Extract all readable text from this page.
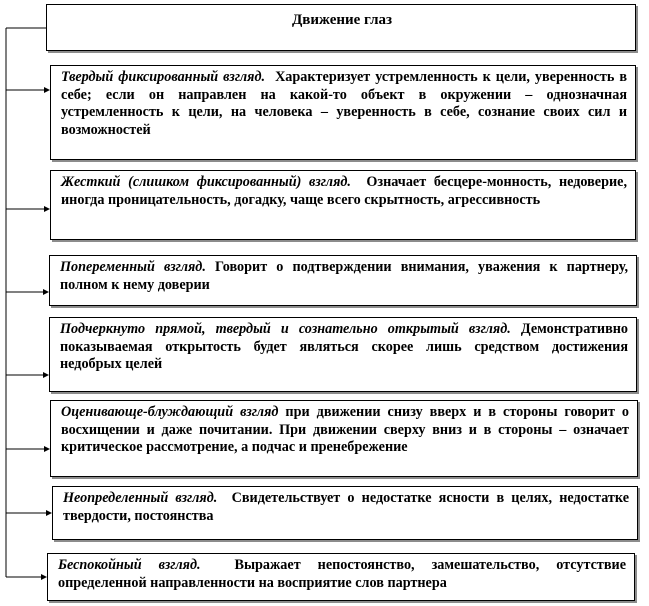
Движение глаз
Твердый фиксированный взгляд. Характеризует устремленность к цели, уверенность в себе; если он направлен на какой-то объект в окружении – однозначная устремленность к цели, на человека – уверенность в себе, сознание своих сил и возможностей
Жесткий (слишком фиксированный) взгляд. Означает бесцере-монность, недоверие, иногда проницательность, догадку, чаще всего скрытность, агрессивность
Попеременный взгляд. Говорит о подтверждении внимания, уважения к партнеру, полном к нему доверии
Подчеркнуто прямой, твердый и сознательно открытый взгляд. Демонстративно показываемая открытость будет являться скорее лишь средством достижения недобрых целей
Оценивающе-блуждающий взгляд при движении снизу вверх и в стороны говорит о восхищении и даже почитании. При движении сверху вниз и в стороны – означает критическое рассмотрение, а подчас и пренебрежение
Неопределенный взгляд. Свидетельствует о недостатке ясности в целях, недостатке твердости, постоянства
Беспокойный взгляд. Выражает непостоянство, замешательство, отсутствие определенной направленности на восприятие слов партнера
